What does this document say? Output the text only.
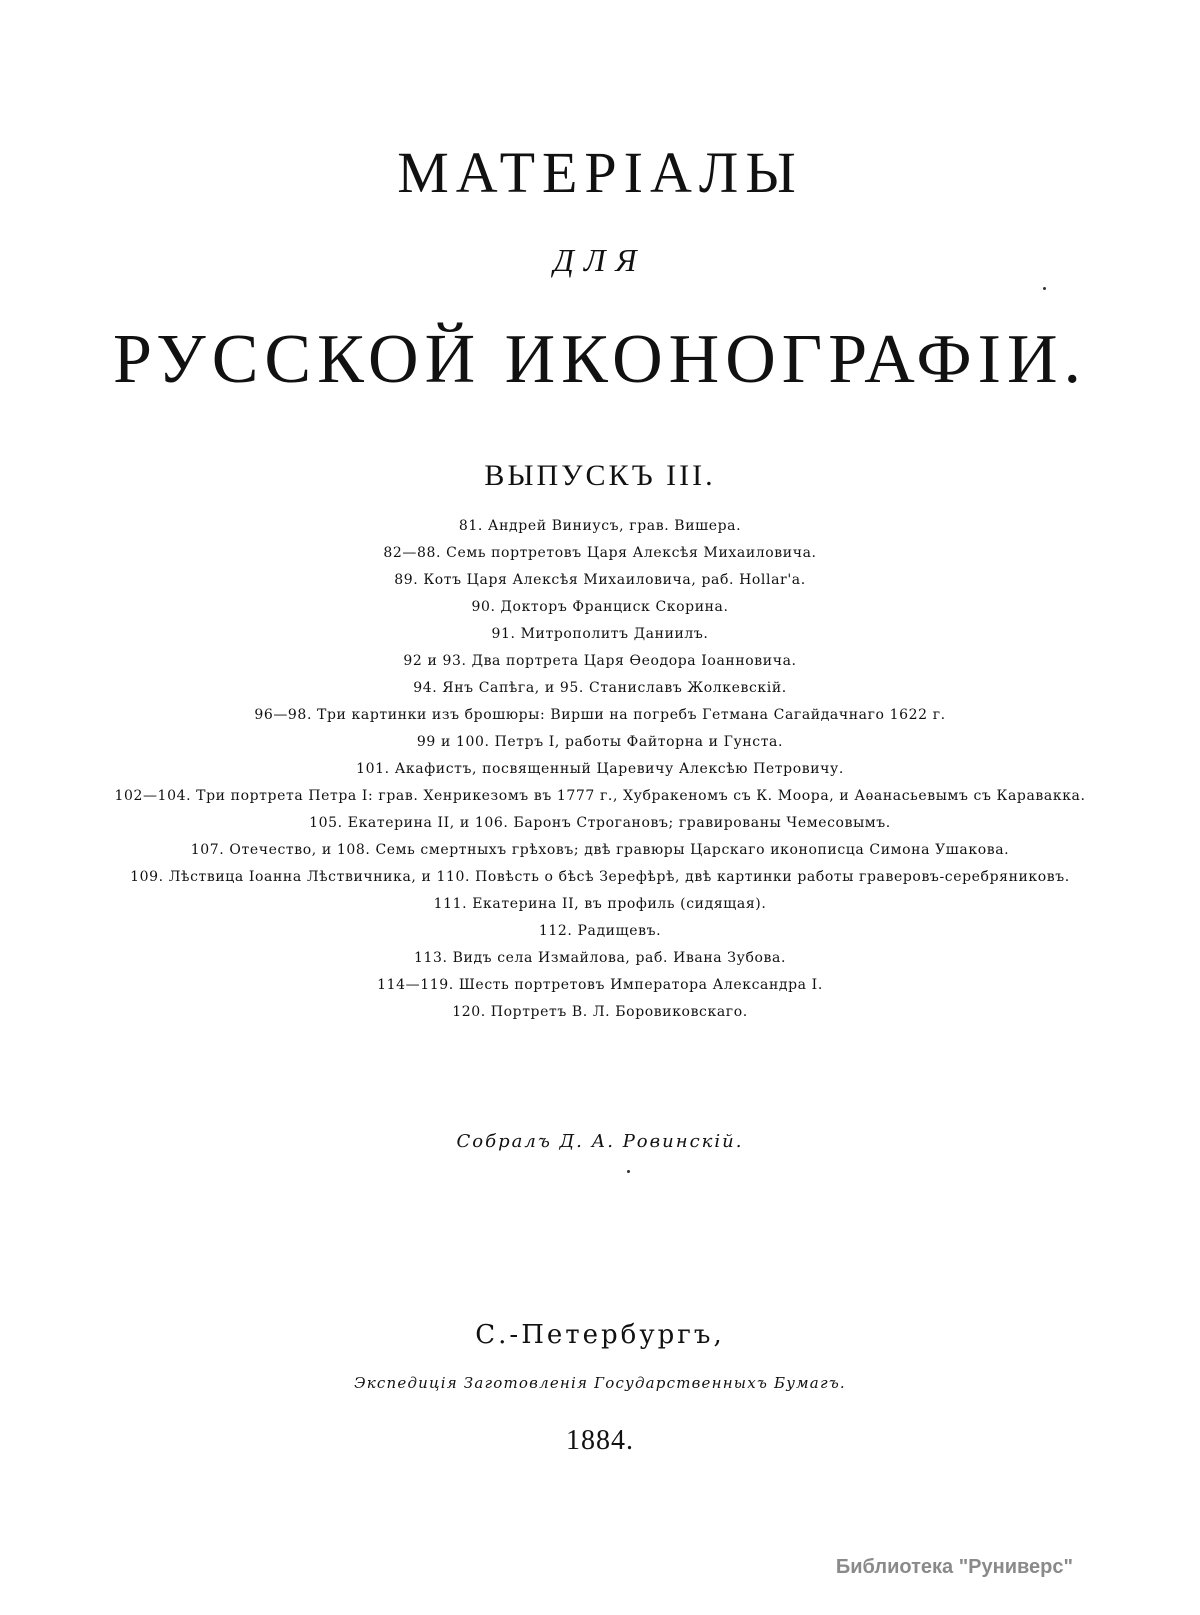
МАТЕРІАЛЫ
ДЛЯ
РУССКОЙ ИКОНОГРАФІИ.
ВЫПУСКЪ III.
81. Андрей Виниусъ, грав. Вишера.
82—88. Семь портретовъ Царя Алексѣя Михаиловича.
89. Котъ Царя Алексѣя Михаиловича, раб. Hollar'а.
90. Докторъ Франциск Скорина.
91. Митрополитъ Даниилъ.
92 и 93. Два портрета Царя Ѳеодора Іоанновича.
94. Янъ Сапѣга, и 95. Станиславъ Жолкевскій.
96—98. Три картинки изъ брошюры: Вирши на погребъ Гетмана Сагайдачнаго 1622 г.
99 и 100. Петръ I, работы Файторна и Гунста.
101. Акафистъ, посвященный Царевичу Алексѣю Петровичу.
102—104. Три портрета Петра I: грав. Хенрикезомъ въ 1777 г., Хубракеномъ съ К. Моора, и Аѳанасьевымъ съ Караваккa.
105. Екатерина II, и 106. Баронъ Строгановъ; гравированы Чемесовымъ.
107. Отечество, и 108. Семь смертныхъ грѣховъ; двѣ гравюры Царскаго иконописца Симона Ушакова.
109. Лѣствица Іоанна Лѣствичника, и 110. Повѣсть о бѣсѣ Зерефѣрѣ, двѣ картинки работы граверовъ-серебряниковъ.
111. Екатерина II, въ профиль (сидящая).
112. Радищевъ.
113. Видъ села Измайлова, раб. Ивана Зубова.
114—119. Шесть портретовъ Императора Александра I.
120. Портретъ В. Л. Боровиковскаго.
Собралъ Д. А. Ровинскій.
С.-Петербургъ,
Экспедиція Заготовленія Государственныхъ Бумагъ.
1884.
Библиотека "Руниверс"
